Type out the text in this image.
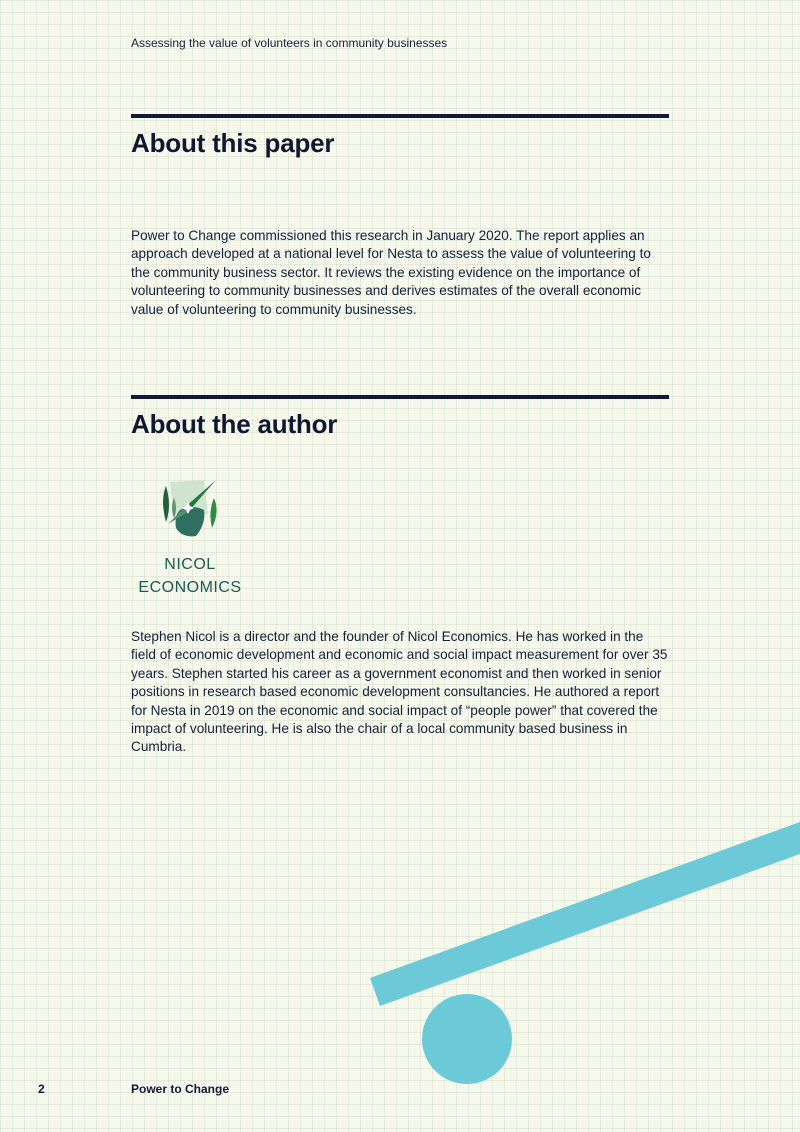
Assessing the value of volunteers in community businesses
About this paper

Power to Change commissioned this research in January 2020. The report applies an approach developed at a national level for Nesta to assess the value of volunteering to the community business sector. It reviews the existing evidence on the importance of volunteering to community businesses and derives estimates of the overall economic value of volunteering to community businesses.

About the author
NICOL
ECONOMICS

Stephen Nicol is a director and the founder of Nicol Economics. He has worked in the field of economic development and economic and social impact measurement for over 35 years. Stephen started his career as a government economist and then worked in senior positions in research based economic development consultancies. He authored a report for Nesta in 2019 on the economic and social impact of “people power” that covered the impact of volunteering. He is also the chair of a local community based business in Cumbria.

2	Power to Change
